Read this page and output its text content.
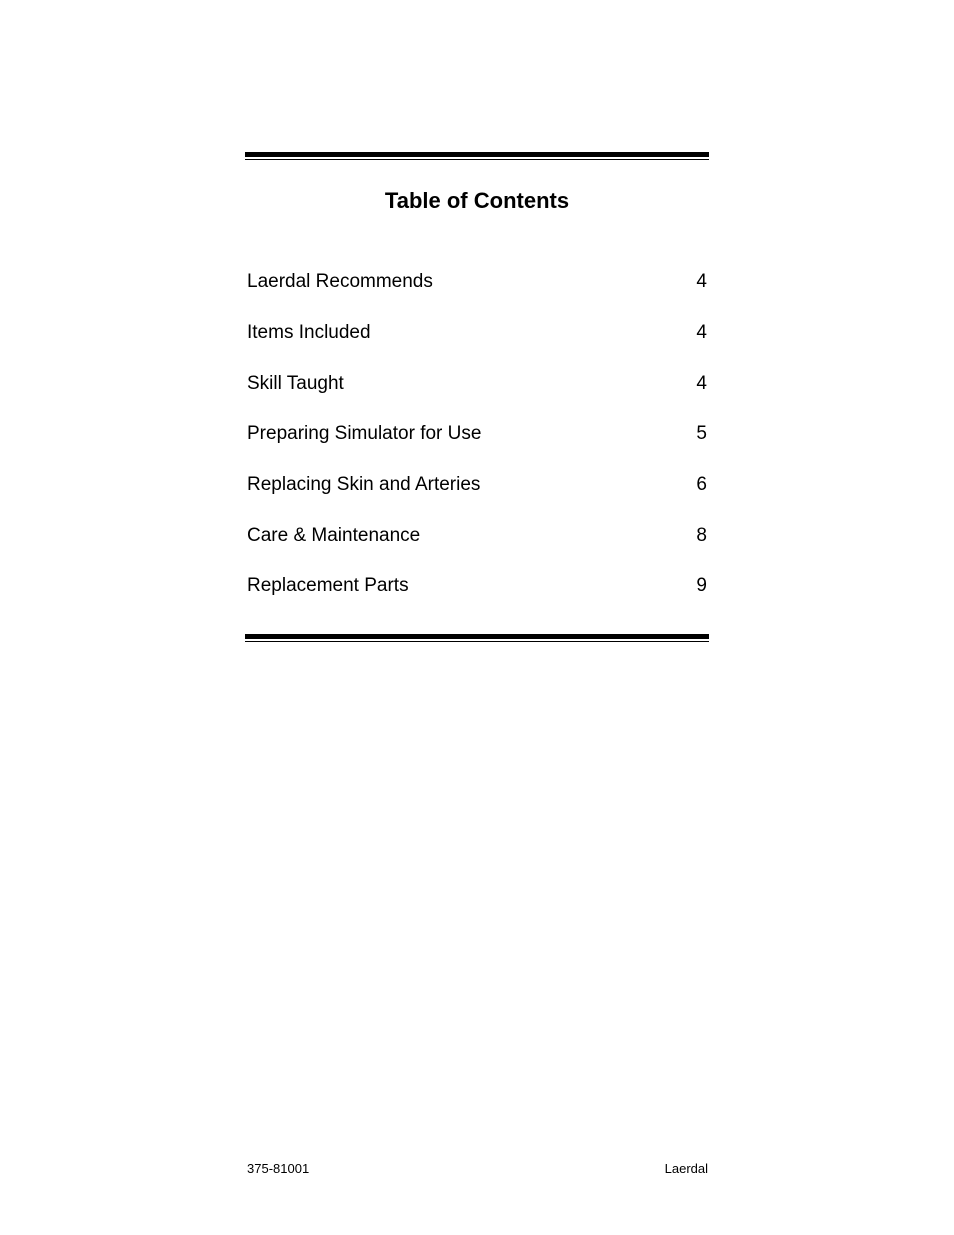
Table of Contents
Laerdal Recommends	4
Items Included	4
Skill Taught	4
Preparing Simulator for Use	5
Replacing Skin and Arteries	6
Care & Maintenance	8
Replacement Parts	9
375-81001	Laerdal
